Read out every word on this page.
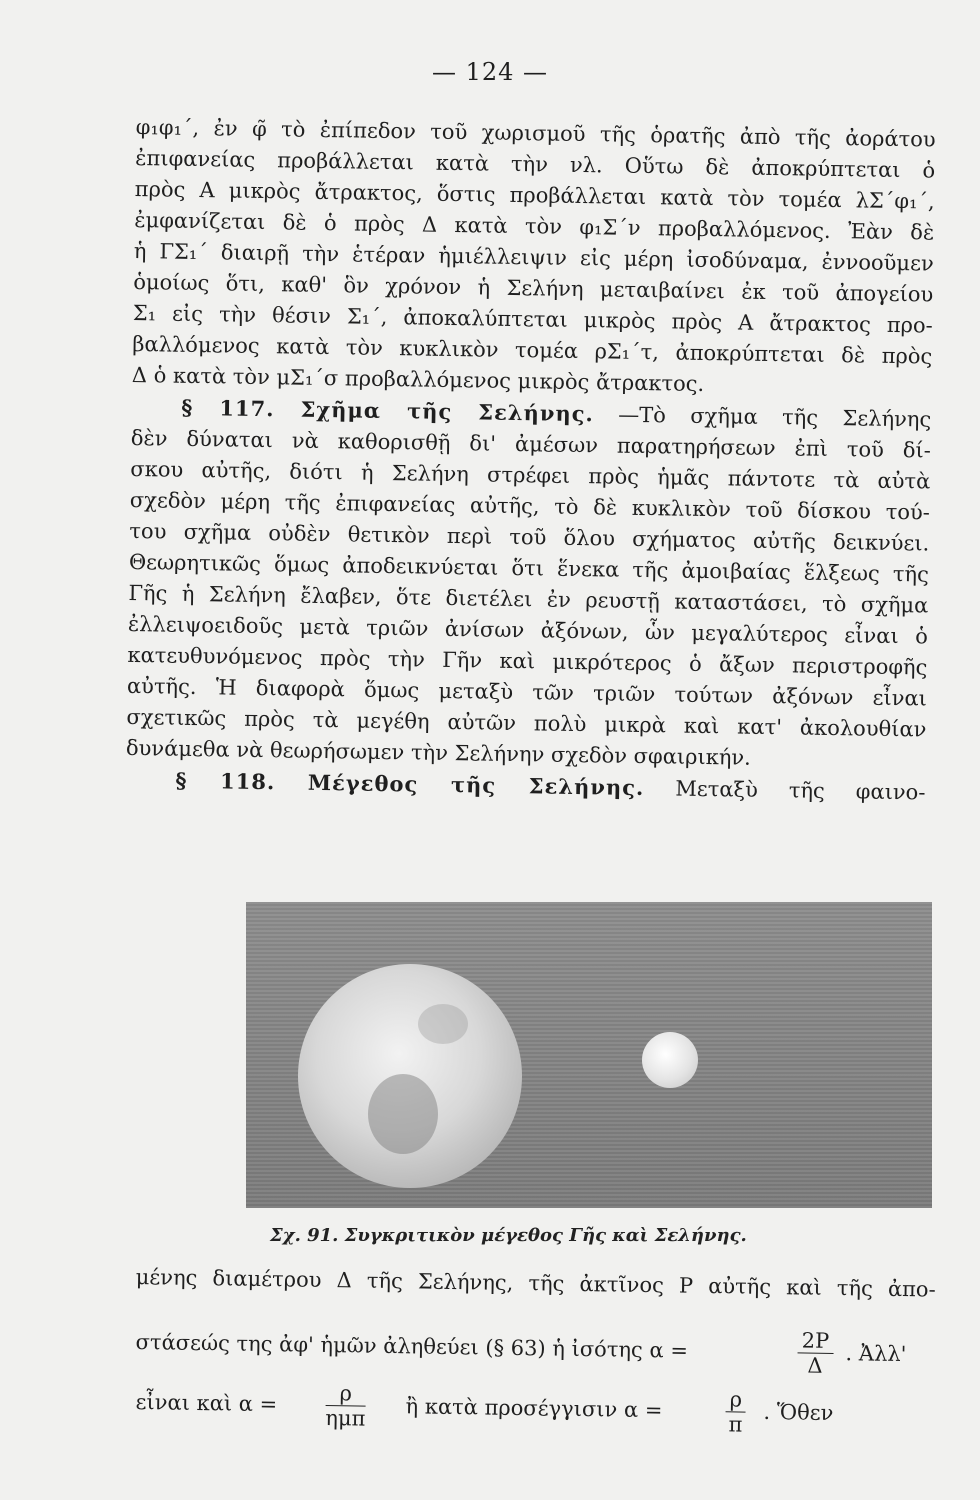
— 124 —
φ₁φ₁΄, ἐν φ̃ τὸ ἐπίπεδον τοῦ χωρισμοῦ τῆς ὁρατῆς ἀπὸ τῆς ἀοράτου
ἐπιφανείας προβάλλεται κατὰ τὴν νλ. Οὕτω δὲ ἀποκρύπτεται ὁ
πρὸς Α μικρὸς ἄτρακτος, ὅστις προβάλλεται κατὰ τὸν τομέα λΣ΄φ₁΄,
ἐμφανίζεται δὲ ὁ πρὸς Δ κατὰ τὸν φ₁Σ΄ν προβαλλόμενος. Ἐὰν δὲ
ἡ ΓΣ₁΄ διαιρῇ τὴν ἑτέραν ἡμιέλλειψιν εἰς μέρη ἰσοδύναμα, ἐννοοῦμεν
ὁμοίως ὅτι, καθ' ὃν χρόνον ἡ Σελήνη μεταιβαίνει ἐκ τοῦ ἀπογείου
Σ₁ εἰς τὴν θέσιν Σ₁΄, ἀποκαλύπτεται μικρὸς πρὸς Α ἄτρακτος προ-
βαλλόμενος κατὰ τὸν κυκλικὸν τομέα ρΣ₁΄τ, ἀποκρύπτεται δὲ πρὸς
Δ ὁ κατὰ τὸν μΣ₁΄σ προβαλλόμενος μικρὸς ἄτρακτος.
§ 117. Σχῆμα τῆς Σελήνης. —Τὸ σχῆμα τῆς Σελήνης
δὲν δύναται νὰ καθορισθῇ δι' ἀμέσων παρατηρήσεων ἐπὶ τοῦ δί-
σκου αὐτῆς, διότι ἡ Σελήνη στρέφει πρὸς ἡμᾶς πάντοτε τὰ αὐτὰ
σχεδὸν μέρη τῆς ἐπιφανείας αὐτῆς, τὸ δὲ κυκλικὸν τοῦ δίσκου τού-
του σχῆμα οὐδὲν θετικὸν περὶ τοῦ ὅλου σχήματος αὐτῆς δεικνύει.
Θεωρητικῶς ὅμως ἀποδεικνύεται ὅτι ἕνεκα τῆς ἀμοιβαίας ἕλξεως τῆς
Γῆς ἡ Σελήνη ἔλαβεν, ὅτε διετέλει ἐν ρευστῇ καταστάσει, τὸ σχῆμα
ἐλλειψοειδοῦς μετὰ τριῶν ἀνίσων ἀξόνων, ὧν μεγαλύτερος εἶναι ὁ
κατευθυνόμενος πρὸς τὴν Γῆν καὶ μικρότερος ὁ ἄξων περιστροφῆς
αὐτῆς. Ἡ διαφορὰ ὅμως μεταξὺ τῶν τριῶν τούτων ἀξόνων εἶναι
σχετικῶς πρὸς τὰ μεγέθη αὐτῶν πολὺ μικρὰ καὶ κατ' ἀκολουθίαν
δυνάμεθα νὰ θεωρήσωμεν τὴν Σελήνην σχεδὸν σφαιρικήν.
§ 118. Μέγεθος τῆς Σελήνης. Μεταξὺ τῆς φαινο-
Σχ. 91. Συγκριτικὸν μέγεθος Γῆς καὶ Σελήνης.
μένης διαμέτρου Δ τῆς Σελήνης, τῆς ἀκτῖνος Ρ αὐτῆς καὶ τῆς ἀπο-
στάσεώς της ἀφ' ἡμῶν ἀληθεύει (§ 63) ἡ ἰσότης α =	$\frac{2P}{\Delta}$ . Ἀλλ'
εἶναι καὶ α =	ρ
ημπ ἢ κατὰ προσέγγισιν α =	$\frac{\rho}{\pi}$ . Ὅθεν
